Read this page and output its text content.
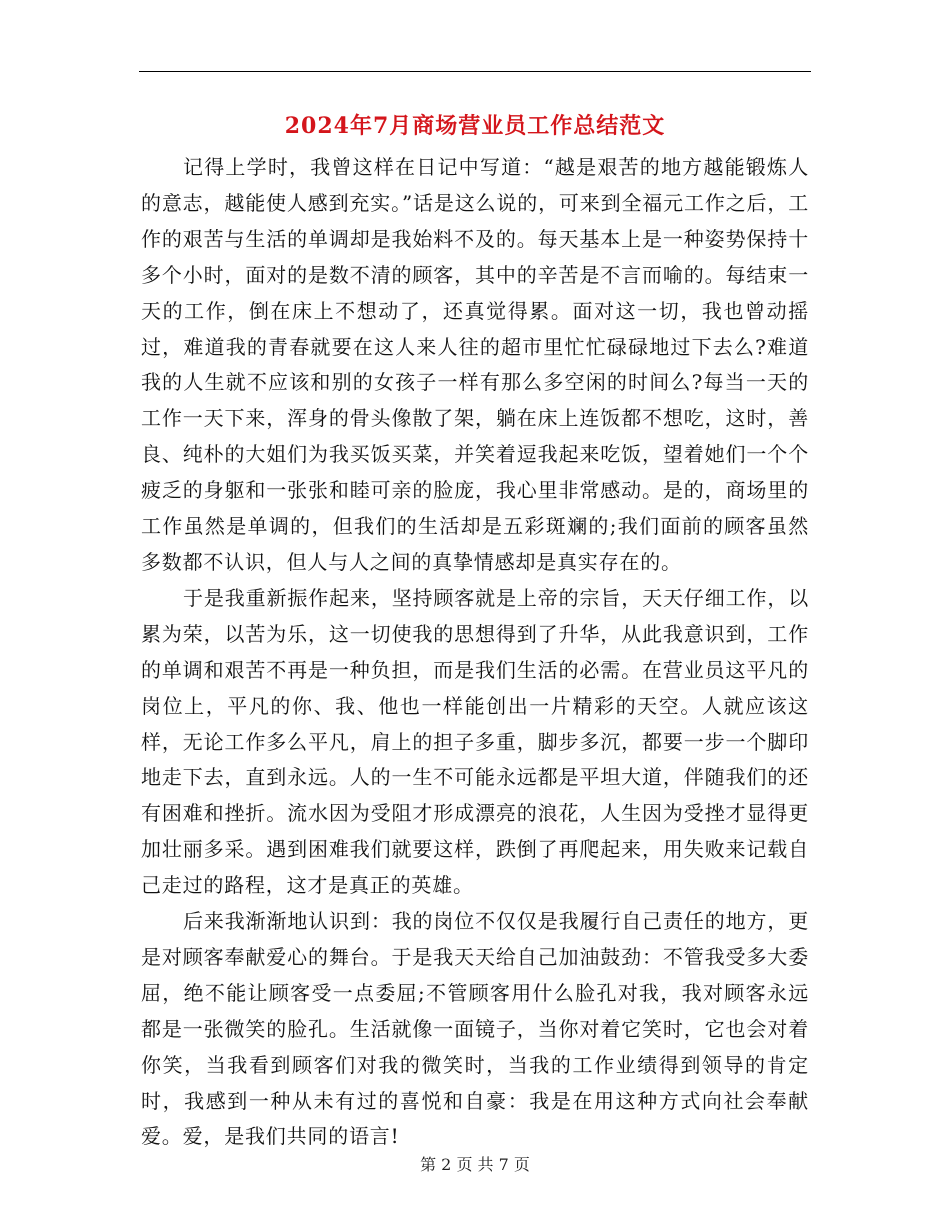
2024年7月商场营业员工作总结范文

记得上学时，我曾这样在日记中写道：“越是艰苦的地方越能锻炼人的意志，越能使人感到充实。”话是这么说的，可来到全福元工作之后，工作的艰苦与生活的单调却是我始料不及的。每天基本上是一种姿势保持十多个小时，面对的是数不清的顾客，其中的辛苦是不言而喻的。每结束一天的工作，倒在床上不想动了，还真觉得累。面对这一切，我也曾动摇过，难道我的青春就要在这人来人往的超市里忙忙碌碌地过下去么?难道我的人生就不应该和别的女孩子一样有那么多空闲的时间么?每当一天的工作一天下来，浑身的骨头像散了架，躺在床上连饭都不想吃，这时，善良、纯朴的大姐们为我买饭买菜，并笑着逗我起来吃饭，望着她们一个个疲乏的身躯和一张张和睦可亲的脸庞，我心里非常感动。是的，商场里的工作虽然是单调的，但我们的生活却是五彩斑斓的;我们面前的顾客虽然多数都不认识，但人与人之间的真挚情感却是真实存在的。

于是我重新振作起来，坚持顾客就是上帝的宗旨，天天仔细工作，以累为荣，以苦为乐，这一切使我的思想得到了升华，从此我意识到，工作的单调和艰苦不再是一种负担，而是我们生活的必需。在营业员这平凡的岗位上，平凡的你、我、他也一样能创出一片精彩的天空。人就应该这样，无论工作多么平凡，肩上的担子多重，脚步多沉，都要一步一个脚印地走下去，直到永远。人的一生不可能永远都是平坦大道，伴随我们的还有困难和挫折。流水因为受阻才形成漂亮的浪花，人生因为受挫才显得更加壮丽多采。遇到困难我们就要这样，跌倒了再爬起来，用失败来记载自己走过的路程，这才是真正的英雄。

后来我渐渐地认识到：我的岗位不仅仅是我履行自己责任的地方，更是对顾客奉献爱心的舞台。于是我天天给自己加油鼓劲：不管我受多大委屈，绝不能让顾客受一点委屈;不管顾客用什么脸孔对我，我对顾客永远都是一张微笑的脸孔。生活就像一面镜子，当你对着它笑时，它也会对着你笑，当我看到顾客们对我的微笑时，当我的工作业绩得到领导的肯定时，我感到一种从未有过的喜悦和自豪：我是在用这种方式向社会奉献爱。爱，是我们共同的语言!

第 2 页 共 7 页
